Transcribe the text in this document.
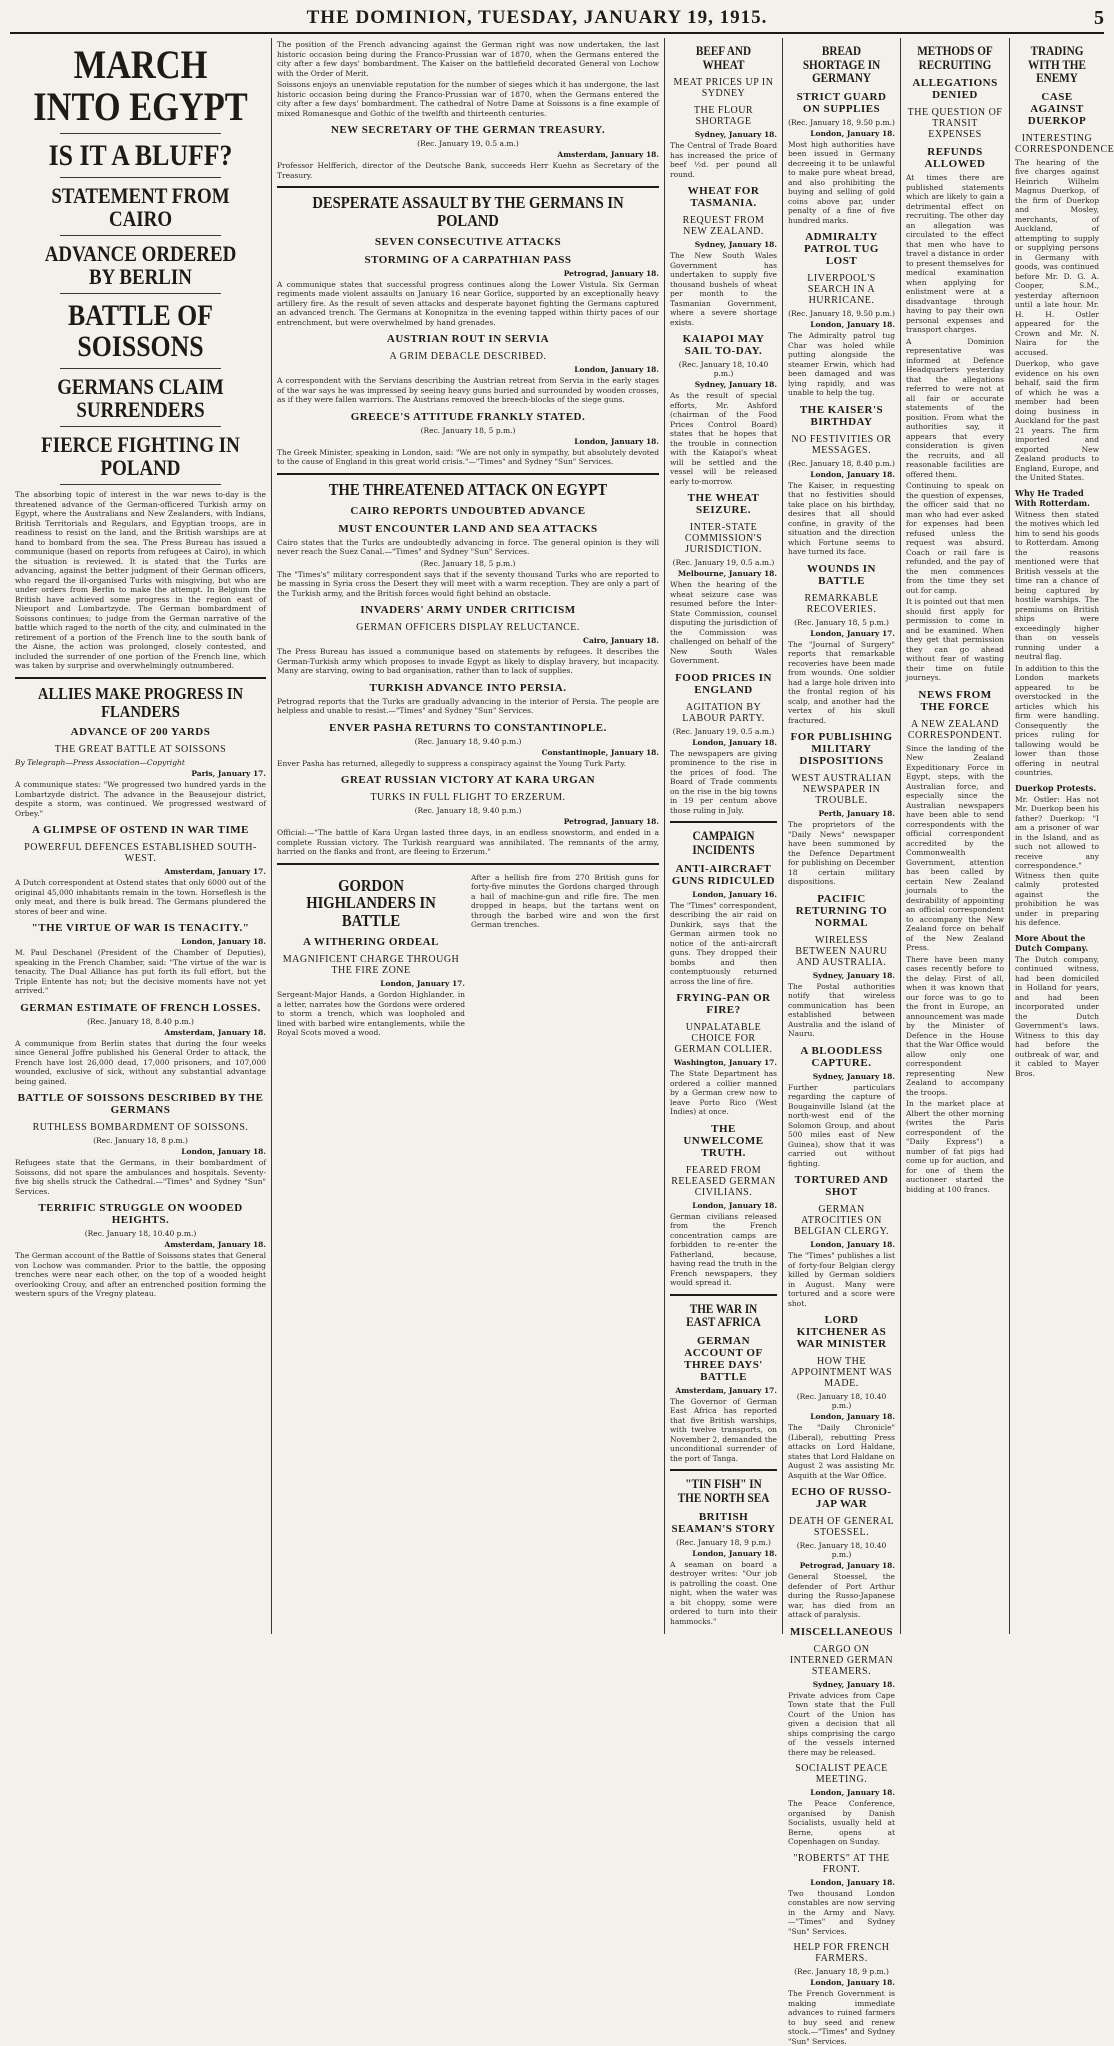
THE DOMINION, TUESDAY, JANUARY 19, 1915.	5
MARCH INTO EGYPT
IS IT A BLUFF?
STATEMENT FROM CAIRO
ADVANCE ORDERED BY BERLIN
BATTLE OF SOISSONS
GERMANS CLAIM SURRENDERS
FIERCE FIGHTING IN POLAND

The absorbing topic of interest in the war news to-day is the threatened advance of the German-officered Turkish army on Egypt, where the Australians and New Zealanders, with Indians, British Territorials and Regulars, and Egyptian troops, are in readiness to resist on the land, and the British warships are at hand to bombard from the sea. The Press Bureau has issued a communique (based on reports from refugees at Cairo), in which the situation is reviewed. It is stated that the Turks are advancing, against the better judgment of their German officers, who regard the ill-organised Turks with misgiving, but who are under orders from Berlin to make the attempt. In Belgium the British have achieved some progress in the region east of Nieuport and Lombartzyde. The German bombardment of Soissons continues; to judge from the German narrative of the battle which raged to the north of the city, and culminated in the retirement of a portion of the French line to the south bank of the Aisne, the action was prolonged, closely contested, and included the surrender of one portion of the French line, which was taken by surprise and overwhelmingly outnumbered.

ALLIES MAKE PROGRESS IN FLANDERS
ADVANCE OF 200 YARDS
THE GREAT BATTLE AT SOISSONS

By Telegraph—Press Association—Copyright

Paris, January 17.

A communique states: "We progressed two hundred yards in the Lombartzyde district. The advance in the Beausejour district, despite a storm, was continued. We progressed westward of Orbey."

A GLIMPSE OF OSTEND IN WAR TIME
POWERFUL DEFENCES ESTABLISHED SOUTH-WEST.

Amsterdam, January 17.

A Dutch correspondent at Ostend states that only 6000 out of the original 45,000 inhabitants remain in the town. Horseflesh is the only meat, and there is bulk bread. The Germans plundered the stores of beer and wine.

"THE VIRTUE OF WAR IS TENACITY."

London, January 18.

M. Paul Deschanel (President of the Chamber of Deputies), speaking in the French Chamber, said: "The virtue of the war is tenacity. The Dual Alliance has put forth its full effort, but the Triple Entente has not; but the decisive moments have not yet arrived."

GERMAN ESTIMATE OF FRENCH LOSSES.

(Rec. January 18, 8.40 p.m.)

Amsterdam, January 18.

A communique from Berlin states that during the four weeks since General Joffre published his General Order to attack, the French have lost 26,000 dead, 17,000 prisoners, and 107,000 wounded, exclusive of sick, without any substantial advantage being gained.

BATTLE OF SOISSONS DESCRIBED BY THE GERMANS
RUTHLESS BOMBARDMENT OF SOISSONS.

(Rec. January 18, 8 p.m.)

London, January 18.

Refugees state that the Germans, in their bombardment of Soissons, did not spare the ambulances and hospitals. Seventy-five big shells struck the Cathedral.—"Times" and Sydney "Sun" Services.

TERRIFIC STRUGGLE ON WOODED HEIGHTS.

(Rec. January 18, 10.40 p.m.)

Amsterdam, January 18.

The German account of the Battle of Soissons states that General von Lochow was commander. Prior to the battle, the opposing trenches were near each other, on the top of a wooded height overlooking Crouy, and after an entrenched position forming the western spurs of the Vregny plateau.

The position of the French advancing against the German right was now undertaken, the last historic occasion being during the Franco-Prussian war of 1870, when the Germans entered the city after a few days' bombardment. The Kaiser on the battlefield decorated General von Lochow with the Order of Merit.

Soissons enjoys an unenviable reputation for the number of sieges which it has undergone, the last historic occasion being during the Franco-Prussian war of 1870, when the Germans entered the city after a few days' bombardment. The cathedral of Notre Dame at Soissons is a fine example of mixed Romanesque and Gothic of the twelfth and thirteenth centuries.

NEW SECRETARY OF THE GERMAN TREASURY.

(Rec. January 19, 0.5 a.m.)

Amsterdam, January 18.

Professor Helfferich, director of the Deutsche Bank, succeeds Herr Kuehn as Secretary of the Treasury.

DESPERATE ASSAULT BY THE GERMANS IN POLAND
SEVEN CONSECUTIVE ATTACKS
STORMING OF A CARPATHIAN PASS

Petrograd, January 18.

A communique states that successful progress continues along the Lower Vistula. Six German regiments made violent assaults on January 16 near Gorlice, supported by an exceptionally heavy artillery fire. As the result of seven attacks and desperate bayonet fighting the Germans captured an advanced trench. The Germans at Konopnitza in the evening tapped within thirty paces of our entrenchment, but were overwhelmed by hand grenades.

AUSTRIAN ROUT IN SERVIA
A GRIM DEBACLE DESCRIBED.

London, January 18.

A correspondent with the Servians describing the Austrian retreat from Servia in the early stages of the war says he was impressed by seeing heavy guns buried and surrounded by wooden crosses, as if they were fallen warriors. The Austrians removed the breech-blocks of the siege guns.

GREECE'S ATTITUDE FRANKLY STATED.

(Rec. January 18, 5 p.m.)

London, January 18.

The Greek Minister, speaking in London, said: "We are not only in sympathy, but absolutely devoted to the cause of England in this great world crisis."—"Times" and Sydney "Sun" Services.

THE THREATENED ATTACK ON EGYPT
CAIRO REPORTS UNDOUBTED ADVANCE
MUST ENCOUNTER LAND AND SEA ATTACKS

Cairo states that the Turks are undoubtedly advancing in force. The general opinion is they will never reach the Suez Canal.—"Times" and Sydney "Sun" Services.

(Rec. January 18, 5 p.m.)

The "Times's" military correspondent says that if the seventy thousand Turks who are reported to be massing in Syria cross the Desert they will meet with a warm reception. They are only a part of the Turkish army, and the British forces would fight behind an obstacle.

INVADERS' ARMY UNDER CRITICISM
GERMAN OFFICERS DISPLAY RELUCTANCE.

Cairo, January 18.

The Press Bureau has issued a communique based on statements by refugees. It describes the German-Turkish army which proposes to invade Egypt as likely to display bravery, but incapacity. Many are starving, owing to bad organisation, rather than to lack of supplies.

TURKISH ADVANCE INTO PERSIA.

Petrograd reports that the Turks are gradually advancing in the interior of Persia. The people are helpless and unable to resist.—"Times" and Sydney "Sun" Services.

ENVER PASHA RETURNS TO CONSTANTINOPLE.

(Rec. January 18, 9.40 p.m.)

Constantinople, January 18.

Enver Pasha has returned, allegedly to suppress a conspiracy against the Young Turk Party.

GREAT RUSSIAN VICTORY AT KARA URGAN
TURKS IN FULL FLIGHT TO ERZERUM.

(Rec. January 18, 9.40 p.m.)

Petrograd, January 18.

Official:—"The battle of Kara Urgan lasted three days, in an endless snowstorm, and ended in a complete Russian victory. The Turkish rearguard was annihilated. The remnants of the army, harried on the flanks and front, are fleeing to Erzerum."

GORDON HIGHLANDERS IN BATTLE
A WITHERING ORDEAL
MAGNIFICENT CHARGE THROUGH THE FIRE ZONE

London, January 17.

Sergeant-Major Hands, a Gordon Highlander, in a letter, narrates how the Gordons were ordered to storm a trench, which was loopholed and lined with barbed wire entanglements, while the Royal Scots moved a wood.

After a hellish fire from 270 British guns for forty-five minutes the Gordons charged through a hail of machine-gun and rifle fire. The men dropped in heaps, but the tartans went on through the barbed wire and won the first German trenches.

BEEF AND WHEAT
MEAT PRICES UP IN SYDNEY
THE FLOUR SHORTAGE

Sydney, January 18.

The Central of Trade Board has increased the price of beef ½d. per pound all round.

WHEAT FOR TASMANIA.
REQUEST FROM NEW ZEALAND.

Sydney, January 18.

The New South Wales Government has undertaken to supply five thousand bushels of wheat per month to the Tasmanian Government, where a severe shortage exists.

KAIAPOI MAY SAIL TO-DAY.

(Rec. January 18, 10.40 p.m.)

Sydney, January 18.

As the result of special efforts, Mr. Ashford (chairman of the Food Prices Control Board) states that he hopes that the trouble in connection with the Kaiapoi's wheat will be settled and the vessel will be released early to-morrow.

THE WHEAT SEIZURE.
INTER-STATE COMMISSION'S JURISDICTION.

(Rec. January 19, 0.5 a.m.)

Melbourne, January 18.

When the hearing of the wheat seizure case was resumed before the Inter-State Commission, counsel disputing the jurisdiction of the Commission was challenged on behalf of the New South Wales Government.

FOOD PRICES IN ENGLAND
AGITATION BY LABOUR PARTY.

(Rec. January 19, 0.5 a.m.)

London, January 18.

The newspapers are giving prominence to the rise in the prices of food. The Board of Trade comments on the rise in the big towns in 19 per centum above those ruling in July.

CAMPAIGN INCIDENTS
ANTI-AIRCRAFT GUNS RIDICULED

London, January 16.

The "Times" correspondent, describing the air raid on Dunkirk, says that the German airmen took no notice of the anti-aircraft guns. They dropped their bombs and then contemptuously returned across the line of fire.

FRYING-PAN OR FIRE?
UNPALATABLE CHOICE FOR GERMAN COLLIER.

Washington, January 17.

The State Department has ordered a collier manned by a German crew now to leave Porto Rico (West Indies) at once.

THE UNWELCOME TRUTH.
FEARED FROM RELEASED GERMAN CIVILIANS.

London, January 18.

German civilians released from the French concentration camps are forbidden to re-enter the Fatherland, because, having read the truth in the French newspapers, they would spread it.

THE WAR IN EAST AFRICA
GERMAN ACCOUNT OF THREE DAYS' BATTLE

Amsterdam, January 17.

The Governor of German East Africa has reported that five British warships, with twelve transports, on November 2, demanded the unconditional surrender of the port of Tanga.

"TIN FISH" IN THE NORTH SEA
BRITISH SEAMAN'S STORY

(Rec. January 18, 9 p.m.)

London, January 18.

A seaman on board a destroyer writes: "Our job is patrolling the coast. One night, when the water was a bit choppy, some were ordered to turn into their hammocks."

BREAD SHORTAGE IN GERMANY
STRICT GUARD ON SUPPLIES

(Rec. January 18, 9.50 p.m.)

London, January 18.

Most high authorities have been issued in Germany decreeing it to be unlawful to make pure wheat bread, and also prohibiting the buying and selling of gold coins above par, under penalty of a fine of five hundred marks.

ADMIRALTY PATROL TUG LOST
LIVERPOOL'S SEARCH IN A HURRICANE.

(Rec. January 18, 9.50 p.m.)

London, January 18.

The Admiralty patrol tug Char was holed while putting alongside the steamer Erwin, which had been damaged and was lying rapidly, and was unable to help the tug.

THE KAISER'S BIRTHDAY
NO FESTIVITIES OR MESSAGES.

(Rec. January 18, 8.40 p.m.)

London, January 18.

The Kaiser, in requesting that no festivities should take place on his birthday, desires that all should confine, in gravity of the situation and the direction which Fortune seems to have turned its face.

WOUNDS IN BATTLE
REMARKABLE RECOVERIES.

(Rec. January 18, 5 p.m.)

London, January 17.

The "Journal of Surgery" reports that remarkable recoveries have been made from wounds. One soldier had a large hole driven into the frontal region of his scalp, and another had the vertex of his skull fractured.

FOR PUBLISHING MILITARY DISPOSITIONS
WEST AUSTRALIAN NEWSPAPER IN TROUBLE.

Perth, January 18.

The proprietors of the "Daily News" newspaper have been summoned by the Defence Department for publishing on December 18 certain military dispositions.

PACIFIC RETURNING TO NORMAL
WIRELESS BETWEEN NAURU AND AUSTRALIA.

Sydney, January 18.

The Postal authorities notify that wireless communication has been established between Australia and the island of Nauru.

A BLOODLESS CAPTURE.

Sydney, January 18.

Further particulars regarding the capture of Bougainville Island (at the north-west end of the Solomon Group, and about 500 miles east of New Guinea), show that it was carried out without fighting.

TORTURED AND SHOT
GERMAN ATROCITIES ON BELGIAN CLERGY.

London, January 18.

The "Times" publishes a list of forty-four Belgian clergy killed by German soldiers in August. Many were tortured and a score were shot.

LORD KITCHENER AS WAR MINISTER
HOW THE APPOINTMENT WAS MADE.

(Rec. January 18, 10.40 p.m.)

London, January 18.

The "Daily Chronicle" (Liberal), rebutting Press attacks on Lord Haldane, states that Lord Haldane on August 2 was assisting Mr. Asquith at the War Office.

ECHO OF RUSSO-JAP WAR
DEATH OF GENERAL STOESSEL.

(Rec. January 18, 10.40 p.m.)

Petrograd, January 18.

General Stoessel, the defender of Port Arthur during the Russo-Japanese war, has died from an attack of paralysis.

MISCELLANEOUS
CARGO ON INTERNED GERMAN STEAMERS.

Sydney, January 18.

Private advices from Cape Town state that the Full Court of the Union has given a decision that all ships comprising the cargo of the vessels interned there may be released.

SOCIALIST PEACE MEETING.

London, January 18.

The Peace Conference, organised by Danish Socialists, usually held at Berne, opens at Copenhagen on Sunday.

"ROBERTS" AT THE FRONT.

London, January 18.

Two thousand London constables are now serving in the Army and Navy.—"Times" and Sydney "Sun" Services.

HELP FOR FRENCH FARMERS.

(Rec. January 18, 9 p.m.)

London, January 18.

The French Government is making immediate advances to ruined farmers to buy seed and renew stock.—"Times" and Sydney "Sun" Services.

METHODS OF RECRUITING
ALLEGATIONS DENIED
THE QUESTION OF TRANSIT EXPENSES
REFUNDS ALLOWED

At times there are published statements which are likely to gain a detrimental effect on recruiting. The other day an allegation was circulated to the effect that men who have to travel a distance in order to present themselves for medical examination when applying for enlistment were at a disadvantage through having to pay their own personal expenses and transport charges.

A Dominion representative was informed at Defence Headquarters yesterday that the allegations referred to were not at all fair or accurate statements of the position. From what the authorities say, it appears that every consideration is given the recruits, and all reasonable facilities are offered them.

Continuing to speak on the question of expenses, the officer said that no man who had ever asked for expenses had been refused unless the request was absurd. Coach or rail fare is refunded, and the pay of the men commences from the time they set out for camp.

It is pointed out that men should first apply for permission to come in and be examined. When they get that permission they can go ahead without fear of wasting their time on futile journeys.

NEWS FROM THE FORCE
A NEW ZEALAND CORRESPONDENT.

Since the landing of the New Zealand Expeditionary Force in Egypt, steps, with the Australian force, and especially since the Australian newspapers have been able to send correspondents with the official correspondent accredited by the Commonwealth Government, attention has been called by certain New Zealand journals to the desirability of appointing an official correspondent to accompany the New Zealand force on behalf of the New Zealand Press.

There have been many cases recently before to the delay. First of all, when it was known that our force was to go to the front in Europe, an announcement was made by the Minister of Defence in the House that the War Office would allow only one correspondent representing New Zealand to accompany the troops.

In the market place at Albert the other morning (writes the Paris correspondent of the "Daily Express") a number of fat pigs had come up for auction, and for one of them the auctioneer started the bidding at 100 francs.

TRADING WITH THE ENEMY
CASE AGAINST DUERKOP
INTERESTING CORRESPONDENCE

The hearing of the five charges against Heinrich Wilhelm Magnus Duerkop, of the firm of Duerkop and Mosley, merchants, of Auckland, of attempting to supply or supplying persons in Germany with goods, was continued before Mr. D. G. A. Cooper, S.M., yesterday afternoon until a late hour. Mr. H. H. Ostler appeared for the Crown and Mr. N. Naira for the accused.

Duerkop, who gave evidence on his own behalf, said the firm of which he was a member had been doing business in Auckland for the past 21 years. The firm imported and exported New Zealand products to England, Europe, and the United States.

Why He Traded With Rotterdam.

Witness then stated the motives which led him to send his goods to Rotterdam. Among the reasons mentioned were that British vessels at the time ran a chance of being captured by hostile warships. The premiums on British ships were exceedingly higher than on vessels running under a neutral flag.

In addition to this the London markets appeared to be overstocked in the articles which his firm were handling. Consequently the prices ruling for tallowing would be lower than those offering in neutral countries.

Duerkop Protests.

Mr. Ostler: Has not Mr. Duerkop been his father? Duerkop: "I am a prisoner of war in the Island, and as such not allowed to receive any correspondence." Witness then quite calmly protested against the prohibition he was under in preparing his defence.

More About the Dutch Company.

The Dutch company, continued witness, had been domiciled in Holland for years, and had been incorporated under the Dutch Government's laws. Witness to this day had before the outbreak of war, and it cabled to Mayer Bros.
